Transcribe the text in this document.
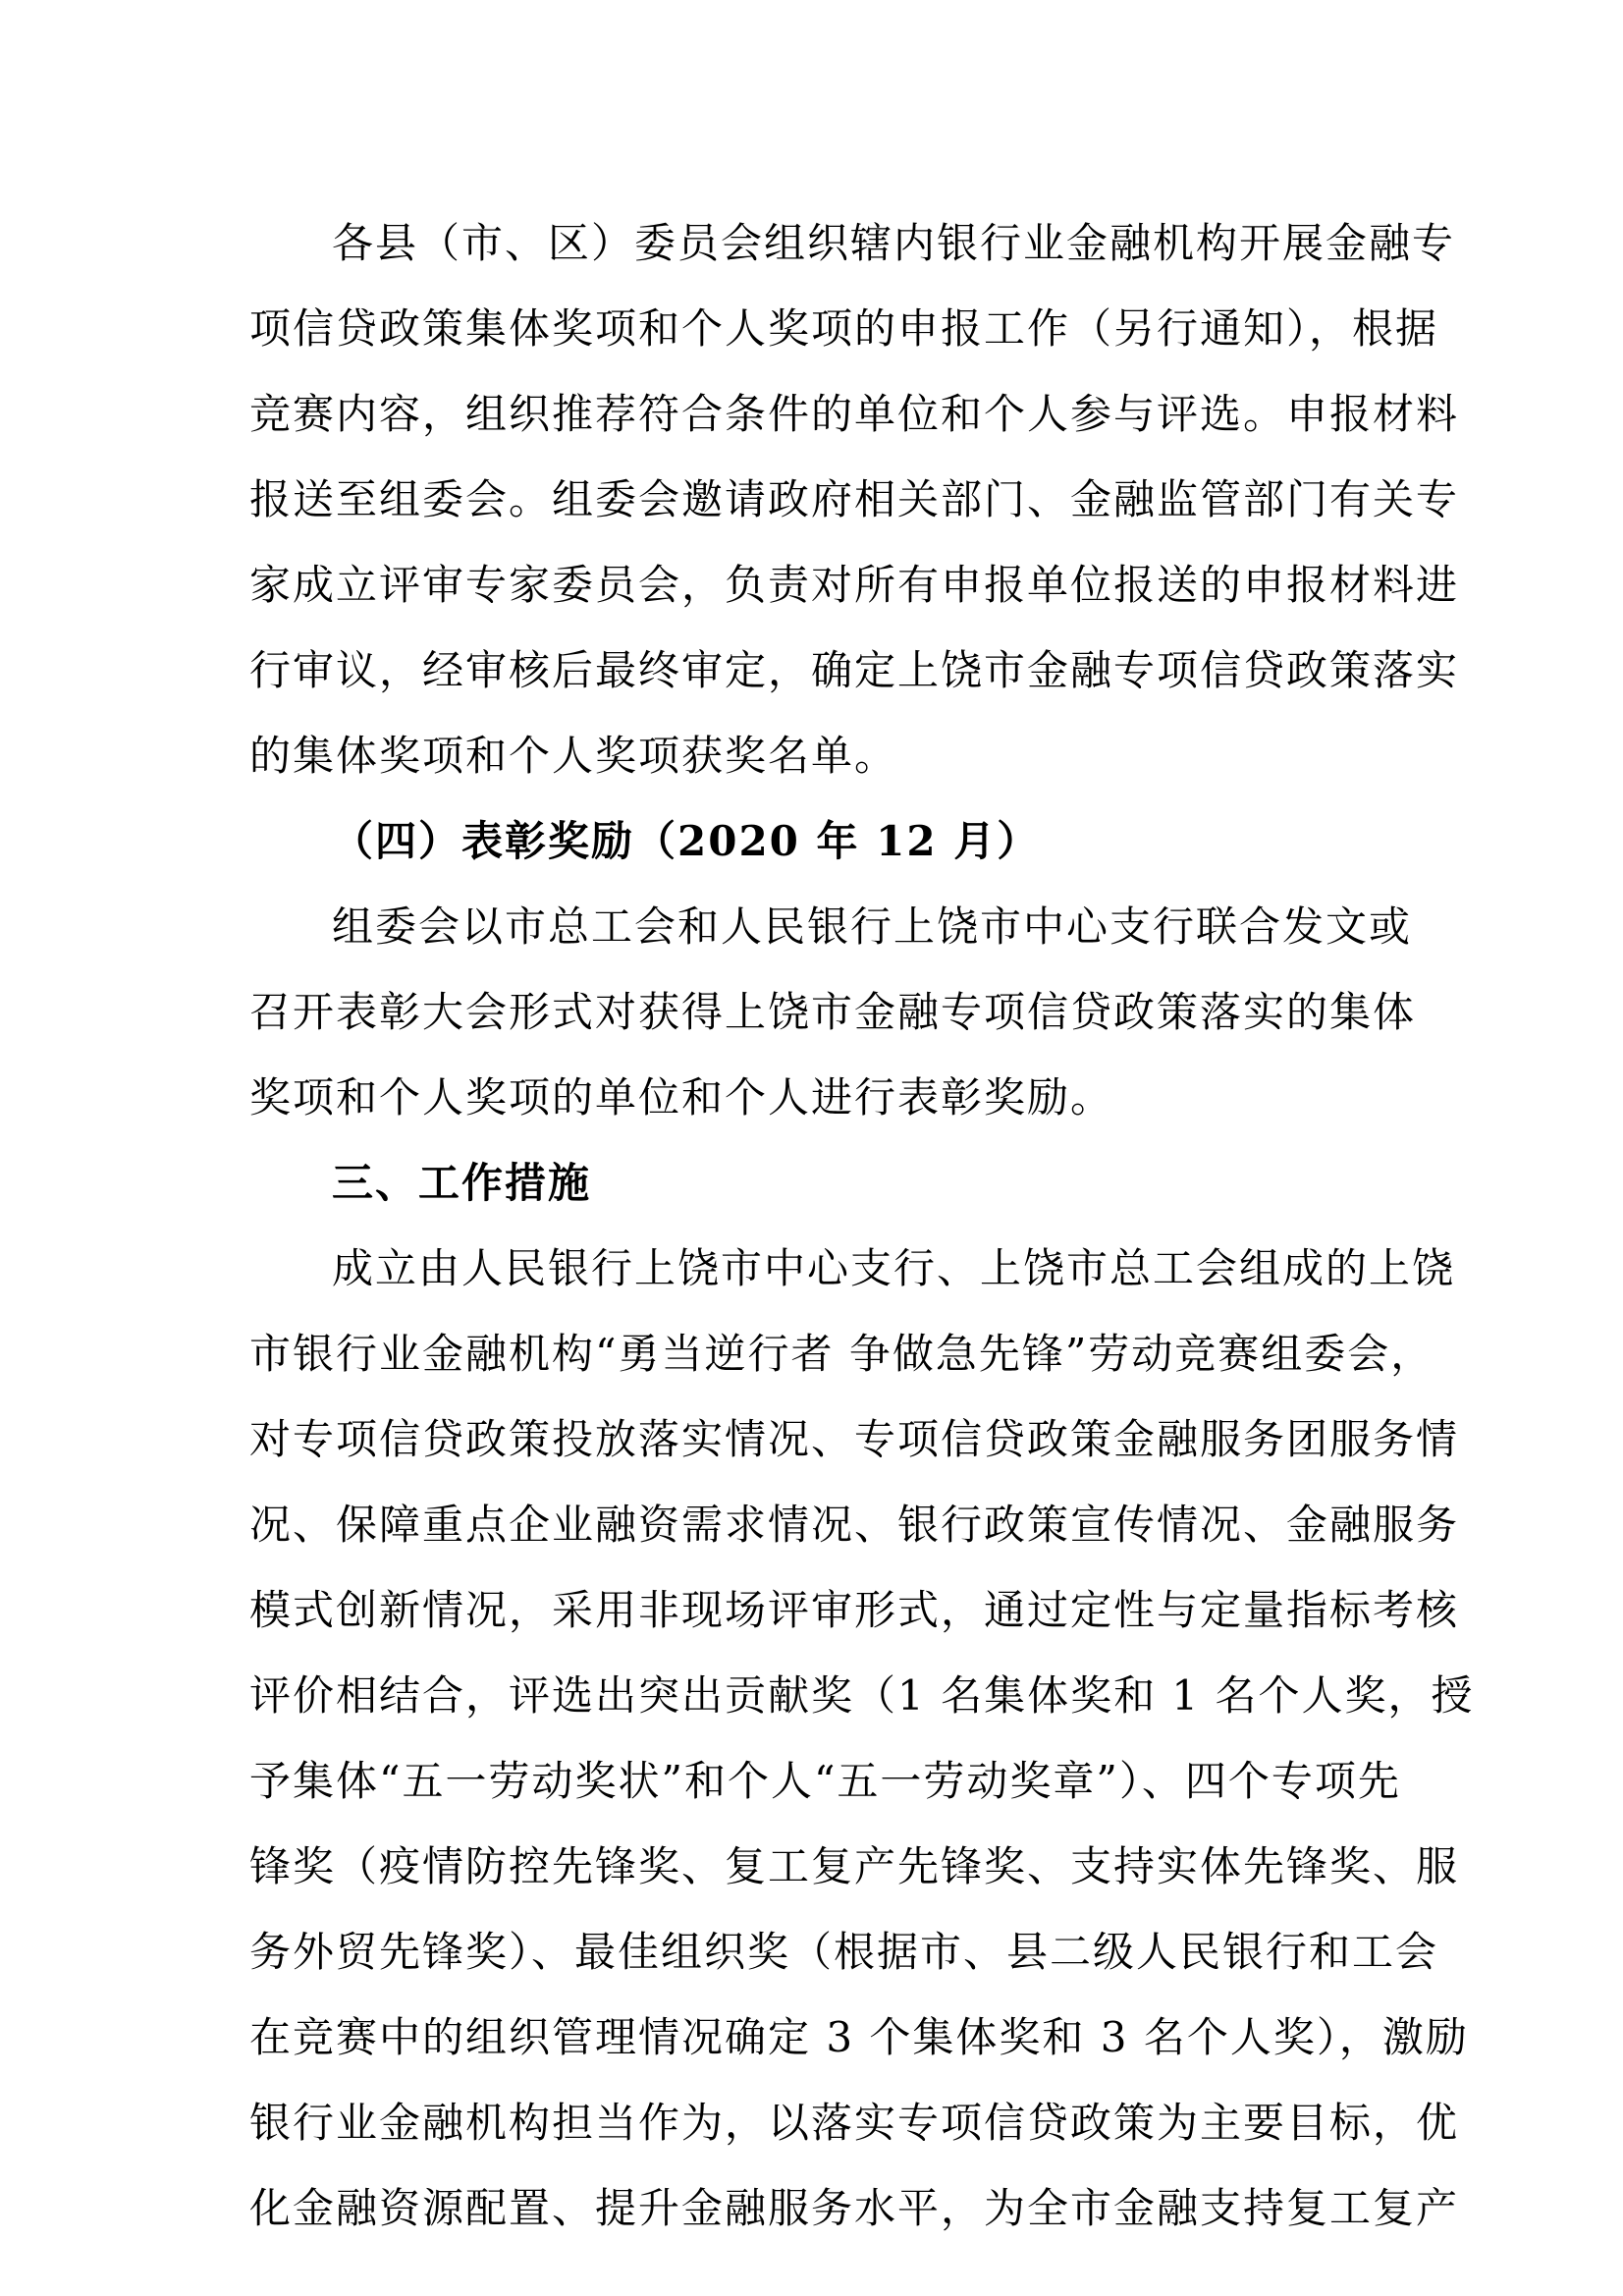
各县（市、区）委员会组织辖内银行业金融机构开展金融专
项信贷政策集体奖项和个人奖项的申报工作（另行通知），根据
竞赛内容，组织推荐符合条件的单位和个人参与评选。申报材料
报送至组委会。组委会邀请政府相关部门、金融监管部门有关专
家成立评审专家委员会，负责对所有申报单位报送的申报材料进
行审议，经审核后最终审定，确定上饶市金融专项信贷政策落实
的集体奖项和个人奖项获奖名单。
（四）表彰奖励（2020 年 12 月）
组委会以市总工会和人民银行上饶市中心支行联合发文或
召开表彰大会形式对获得上饶市金融专项信贷政策落实的集体
奖项和个人奖项的单位和个人进行表彰奖励。
三、工作措施
成立由人民银行上饶市中心支行、上饶市总工会组成的上饶
市银行业金融机构“勇当逆行者 争做急先锋”劳动竞赛组委会，
对专项信贷政策投放落实情况、专项信贷政策金融服务团服务情
况、保障重点企业融资需求情况、银行政策宣传情况、金融服务
模式创新情况，采用非现场评审形式，通过定性与定量指标考核
评价相结合，评选出突出贡献奖（1 名集体奖和 1 名个人奖，授
予集体“五一劳动奖状”和个人“五一劳动奖章”）、四个专项先
锋奖（疫情防控先锋奖、复工复产先锋奖、支持实体先锋奖、服
务外贸先锋奖）、最佳组织奖（根据市、县二级人民银行和工会
在竞赛中的组织管理情况确定 3 个集体奖和 3 名个人奖），激励
银行业金融机构担当作为，以落实专项信贷政策为主要目标，优
化金融资源配置、提升金融服务水平，为全市金融支持复工复产
